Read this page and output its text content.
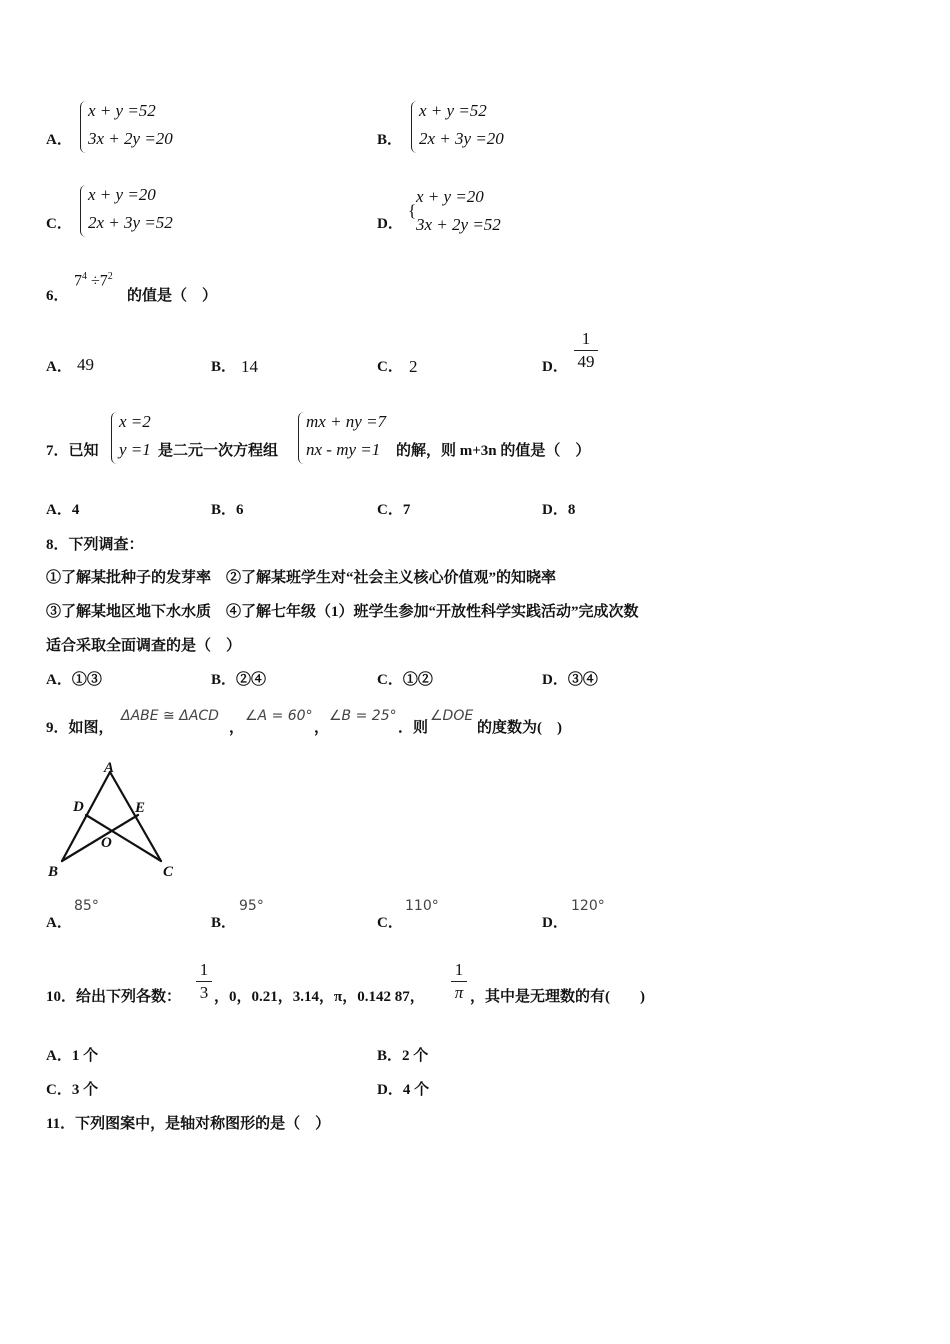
A．
x + y =52
3x + 2y =20	B．
x + y =52
2x + 3y =20
C．
x + y =20
2x + 3y =52	D．
{
x + y =20
3x + 2y =52
6．
$7^4 \div 7^2$
的值是（　）
A． 49	B． 14	C． 2	D．
1
49
7．已知
x =2
y =1 是二元一次方程组
mx + ny =7
nx - my =1 的解，则 m+3n 的值是（　）
A．4	B．6	C．7	D．8
8．下列调查：
①了解某批种子的发芽率　②了解某班学生对“社会主义核心价值观”的知晓率
③了解某地区地下水水质　④了解七年级（1）班学生参加“开放性科学实践活动”完成次数
适合采取全面调查的是（　）
A．①③	B．②④	C．①②	D．③④
9．如图，
ΔABE ≅ ΔACD
，
∠A = 60°
，
∠B = 25°
．则
∠DOE
的度数为(　)
A
B	C
D	E
O
A．
85°
B．
95°
C．
110°
D．
120°
10．给出下列各数：
1
3 ，0，0.21，3.14，π，0.142 87，
1
π ，其中是无理数的有(　　)
A．1 个	B．2 个
C．3 个	D．4 个
11．下列图案中，是轴对称图形的是（　）
